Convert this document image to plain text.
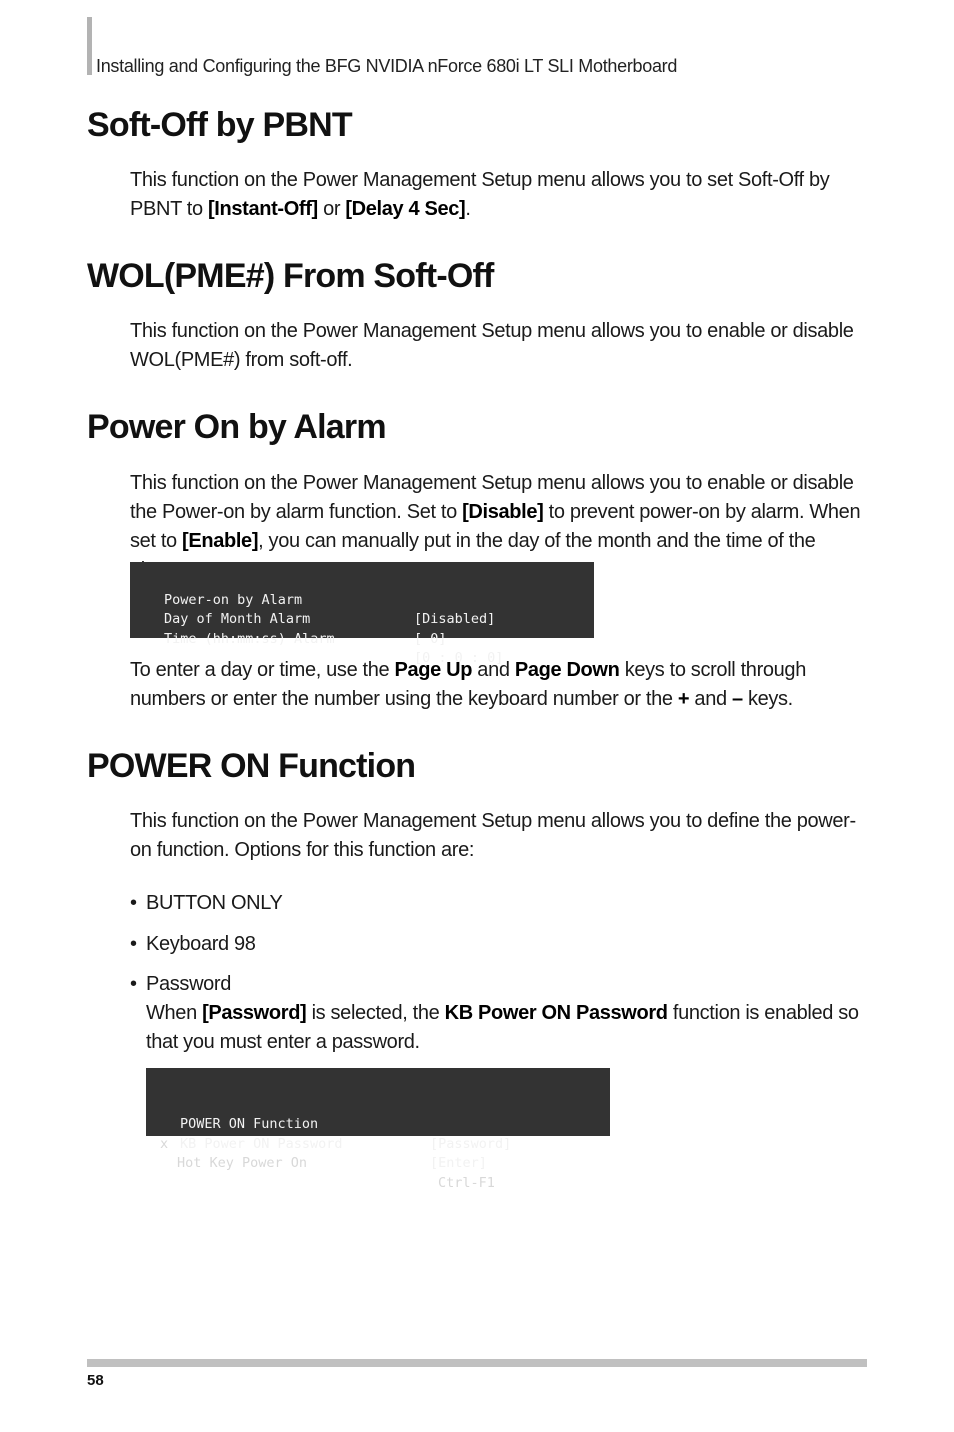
Installing and Configuring the BFG NVIDIA nForce 680i LT SLI Motherboard
Soft-Off by PBNT

This function on the Power Management Setup menu allows you to set Soft-Off by PBNT to [Instant-Off] or [Delay 4 Sec].

WOL(PME#) From Soft-Off

This function on the Power Management Setup menu allows you to enable or disable WOL(PME#) from soft-off.

Power On by Alarm

This function on the Power Management Setup menu allows you to enable or disable the Power-on by alarm function. Set to [Disable] to prevent power-on by alarm. When set to [Enable], you can manually put in the day of the month and the time of the

Power-on by Alarm

[Disabled]

Day of Month Alarm

[ 0]

Time (hh:mm:ss) Alarm

[0 : 0 : 0]

To enter a day or time, use the Page Up and Page Down keys to scroll through numbers or enter the number using the keyboard number or the + and – keys.

POWER ON Function

This function on the Power Management Setup menu allows you to define the power-on function. Options for this function are:

• BUTTON ONLY
• Keyboard 98
• Password

When [Password] is selected, the KB Power ON Password function is enabled so that you must enter a password.

POWER ON Function

[Password]

KB Power ON Password

[Enter]

x

Hot Key Power On

Ctrl-F1

58
